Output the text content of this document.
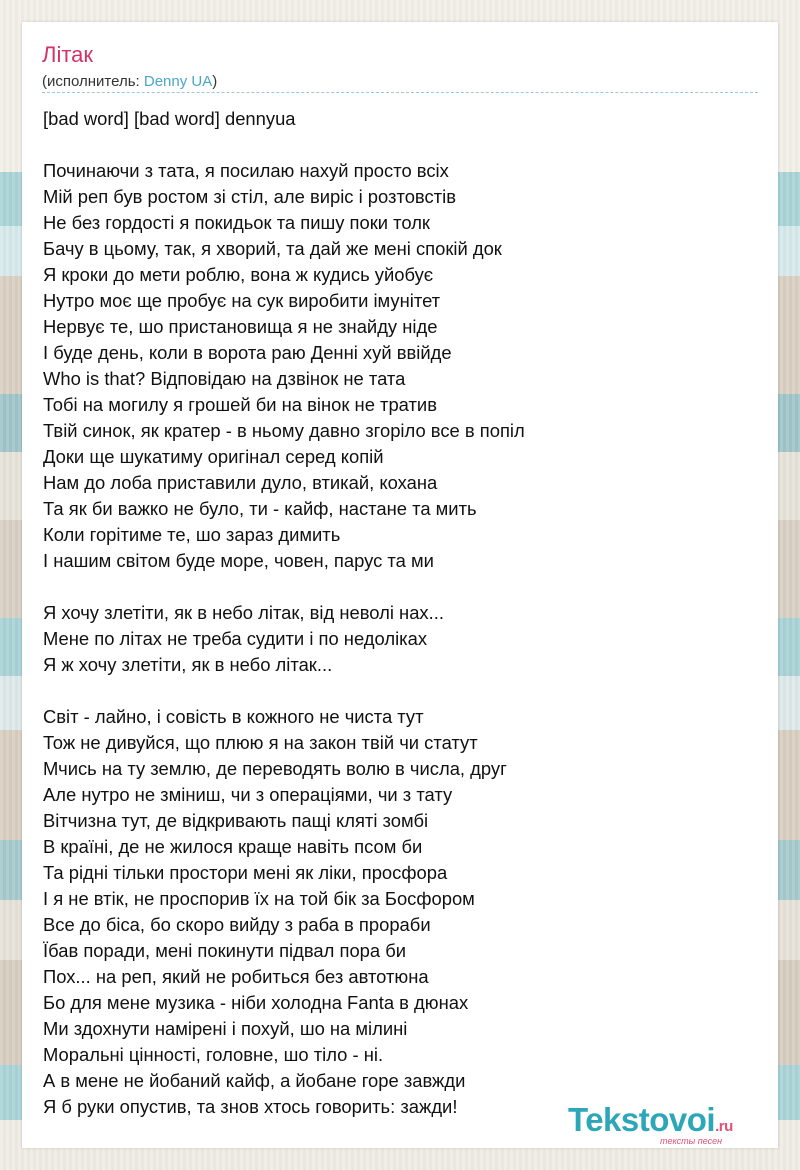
Літак
(исполнитель: Denny UA)
[bad word] [bad word] dennyua
Починаючи з тата, я посилаю нахуй просто всіх
Мій реп був ростом зі стіл, але виріс і розтовстів
Не без гордості я покидьок та пишу поки толк
Бачу в цьому, так, я хворий, та дай же мені спокій док
Я кроки до мети роблю, вона ж кудись уйобує
Нутро моє ще пробує на сук виробити імунітет
Нервує те, шо пристановища я не знайду ніде
І буде день, коли в ворота раю Денні хуй ввійде
Who is that? Відповідаю на дзвінок не тата
Тобі на могилу я грошей би на вінок не тратив
Твій синок, як кратер - в ньому давно згоріло все в попіл
Доки ще шукатиму оригінал серед копій
Нам до лоба приставили дуло, втикай, кохана
Та як би важко не було, ти - кайф, настане та мить
Коли горітиме те, шо зараз димить
І нашим світом буде море, човен, парус та ми
Я хочу злетіти, як в небо літак, від неволі нах...
Мене по літах не треба судити і по недоліках
Я ж хочу злетіти, як в небо літак...
Світ - лайно, і совість в кожного не чиста тут
Тож не дивуйся, що плюю я на закон твій чи статут
Мчись на ту землю, де переводять волю в числа, друг
Але нутро не зміниш, чи з операціями, чи з тату
Вітчизна тут, де відкривають пащі кляті зомбі
В країні, де не жилося краще навіть псом би
Та рідні тільки простори мені як ліки, просфора
І я не втік, не проспорив їх на той бік за Босфором
Все до біса, бо скоро вийду з раба в прораби
Їбав поради, мені покинути підвал пора би
Пох... на реп, який не робиться без автотюна
Бо для мене музика - ніби холодна Fanta в дюнах
Ми здохнути намірені і похуй, шо на мілині
Моральні цінності, головне, шо тіло - ні.
А в мене не йобаний кайф, а йобане горе завжди
Я б руки опустив, та знов хтось говорить: зажди!	Tekstovoi.ru
тексты песен
